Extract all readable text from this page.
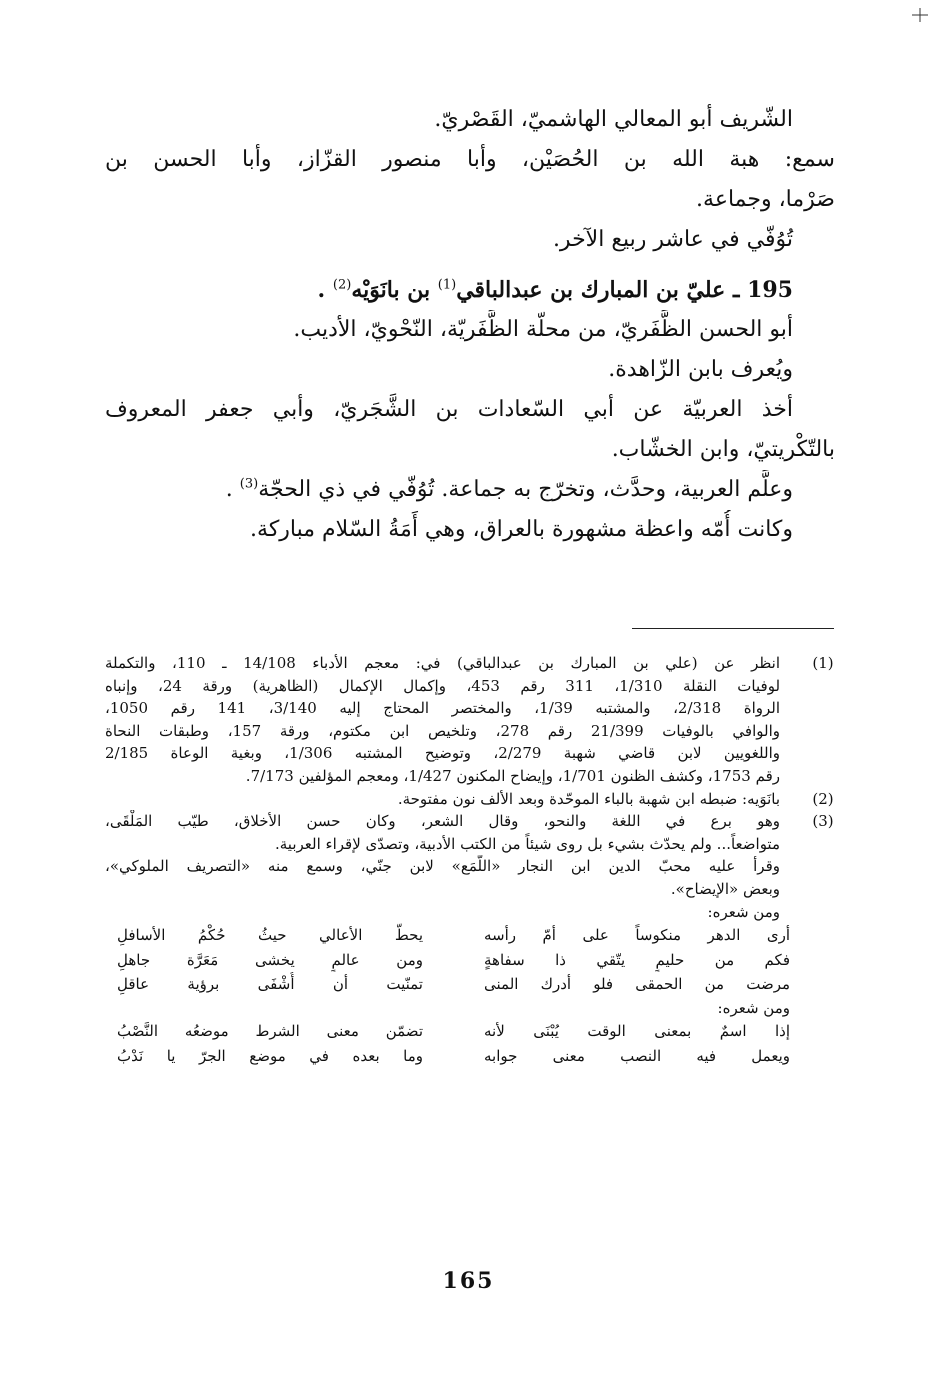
الشّريف أبو المعالي الهاشميّ، القَصْريّ.
سمع: هبة الله بن الحُصَيْن، وأبا منصور القزّاز، وأبا الحسن بن
صَرْما، وجماعة.
تُوُفّي في عاشر ربيع الآخر.
195 ـ عليّ بن المبارك بن عبدالباقي$^{(1)}$ بن بانَوَيْه$^{(2)}$ .
أبو الحسن الظَّفَريّ، من محلّة الظَّفَريّة، النّحْويّ، الأديب.
ويُعرف بابن الزّاهدة.
أخذ العربيّة عن أبي السّعادات بن الشَّجَريّ، وأبي جعفر المعروف
بالتّكْريتيّ، وابن الخشّاب.
وعلَّم العربية، وحدَّث، وتخرّج به جماعة. تُوُفّي في ذي الحجّة$^{(3)}$ .
وكانت أُمّه واعظة مشهورة بالعراق، وهي أَمَةُ السّلام مباركة.
(1)
انظر عن (علي بن المبارك بن عبدالباقي) في: معجم الأدباء 14/108 ـ 110، والتكملة
لوفيات النقلة 1/310، 311 رقم 453، وإكمال الإكمال (الظاهرية) ورقة 24، وإنباه
الرواة 2/318، والمشتبه 1/39، والمختصر المحتاج إليه 3/140، 141 رقم 1050،
والوافي بالوفيات 21/399 رقم 278، وتلخيص ابن مكتوم، ورقة 157، وطبقات النحاة
واللغويين لابن قاضي شهبة 2/279، وتوضيح المشتبه 1/306، وبغية الوعاة 2/185
رقم 1753، وكشف الظنون 1/701، وإيضاح المكنون 1/427، ومعجم المؤلفين 7/173.
(2)
بانَوَيه: ضبطه ابن شهبة بالباء الموحّدة وبعد الألف نون مفتوحة.
(3)
وهو برع في اللغة والنحو، وقال الشعر، وكان حسن الأخلاق، طيّب المَلْقَى،
متواضعاً... ولم يحدّث بشيء بل روى شيئاً من الكتب الأدبية، وتصدّى لإقراء العربية.
وقرأ عليه محبّ الدين ابن النجار «اللُّمَع» لابن جنّي، وسمع منه «التصريف الملوكي»،
وبعض «الإيضاح».
ومن شعره:
أرى الدهر منكوساً على أمّ رأسه
يحطُّ الأعالي حيثُ حُكْمُ الأسافلِ
فكم من حليمٍ يتّقي ذا سفاهةٍ
ومن عالمٍ يخشى مَعَرَّة جاهلِ
مرضت من الحمقى فلو أدرك المنى
تمنّيت أن أُشْفَى برؤية عاقلِ
ومن شعره:
إذا اسمٌ بمعنى الوقت يُبْنَى لأنه
تضمّن معنى الشرط موضعُه النَّصْبُ
ويعمل فيه النصب معنى جوابه
وما بعده في موضع الجرّ يا نَدْبُ
165
